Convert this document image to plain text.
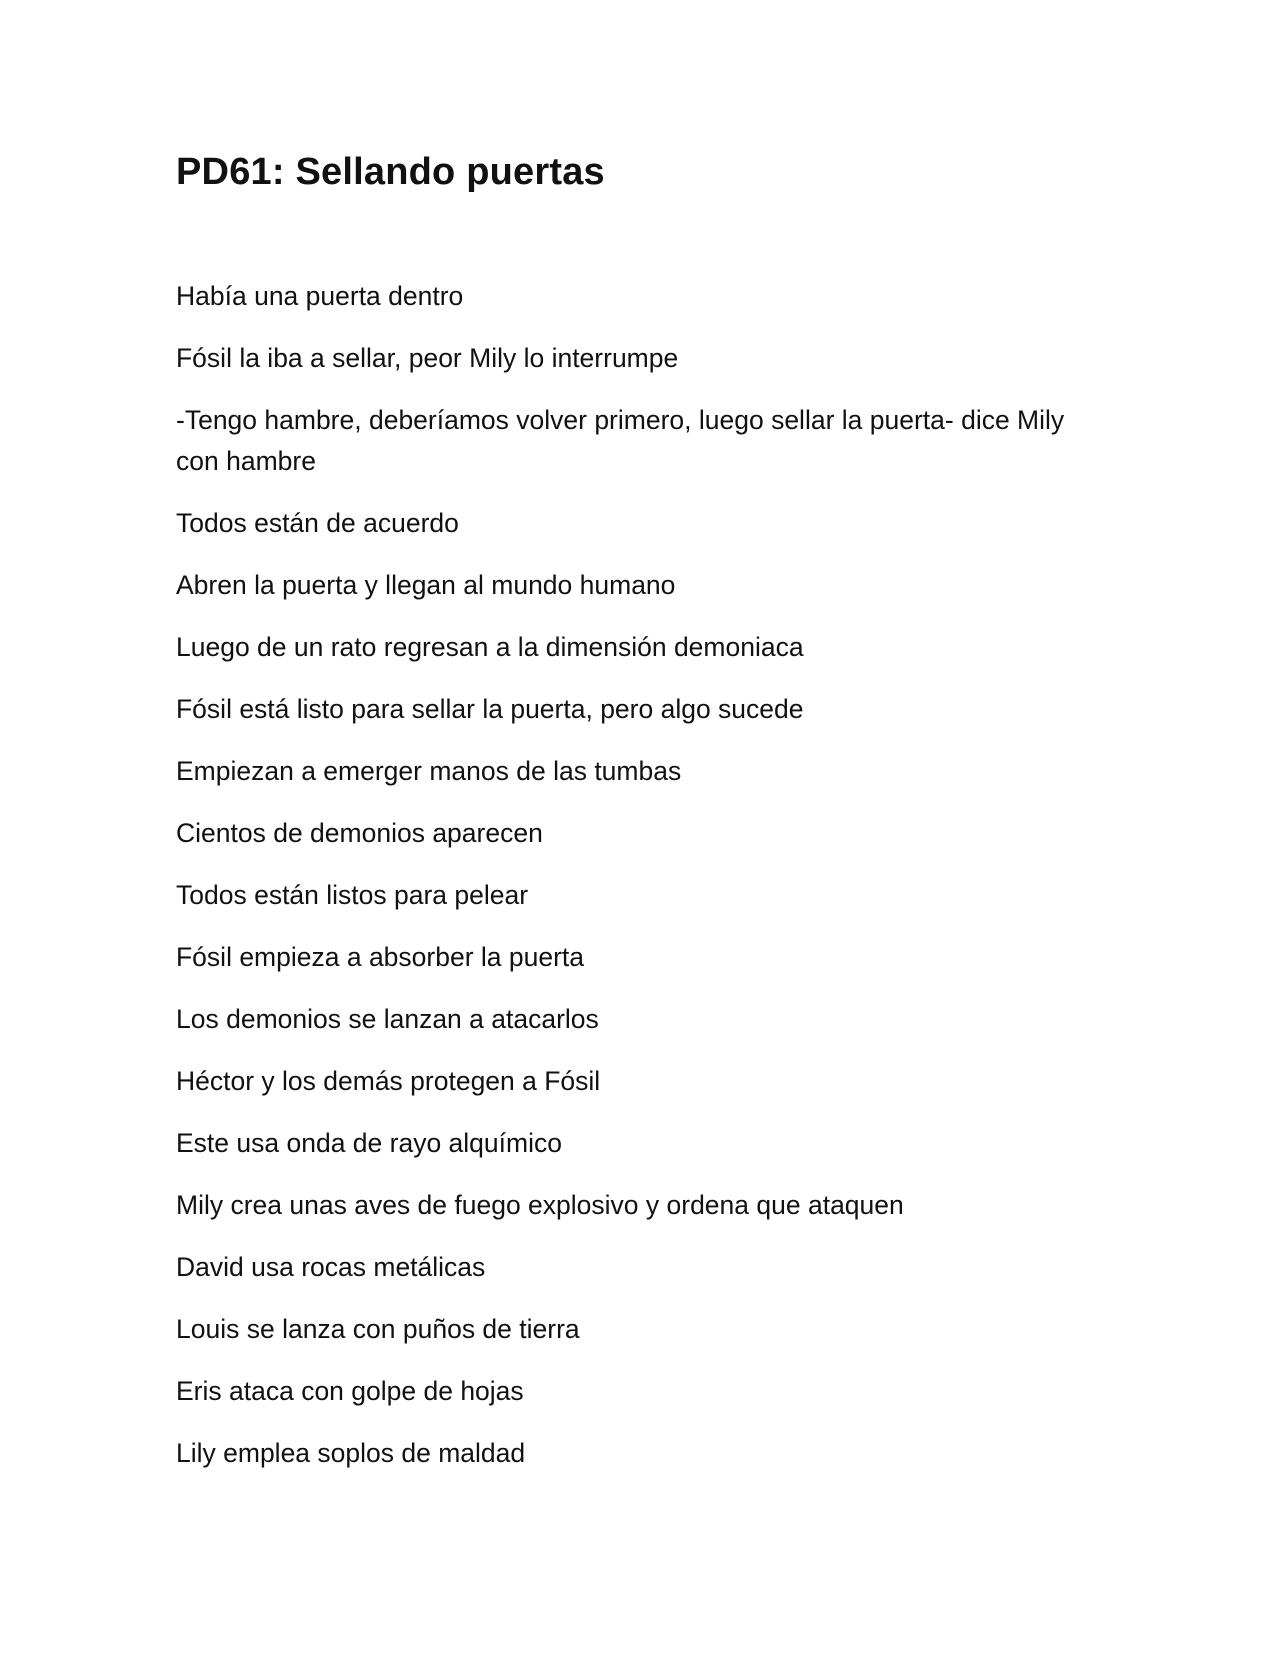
PD61: Sellando puertas

Había una puerta dentro

Fósil la iba a sellar, peor Mily lo interrumpe

-Tengo hambre, deberíamos volver primero, luego sellar la puerta- dice Mily con hambre

Todos están de acuerdo

Abren la puerta y llegan al mundo humano

Luego de un rato regresan a la dimensión demoniaca

Fósil está listo para sellar la puerta, pero algo sucede

Empiezan a emerger manos de las tumbas

Cientos de demonios aparecen

Todos están listos para pelear

Fósil empieza a absorber la puerta

Los demonios se lanzan a atacarlos

Héctor y los demás protegen a Fósil

Este usa onda de rayo alquímico

Mily crea unas aves de fuego explosivo y ordena que ataquen

David usa rocas metálicas

Louis se lanza con puños de tierra

Eris ataca con golpe de hojas

Lily emplea soplos de maldad
